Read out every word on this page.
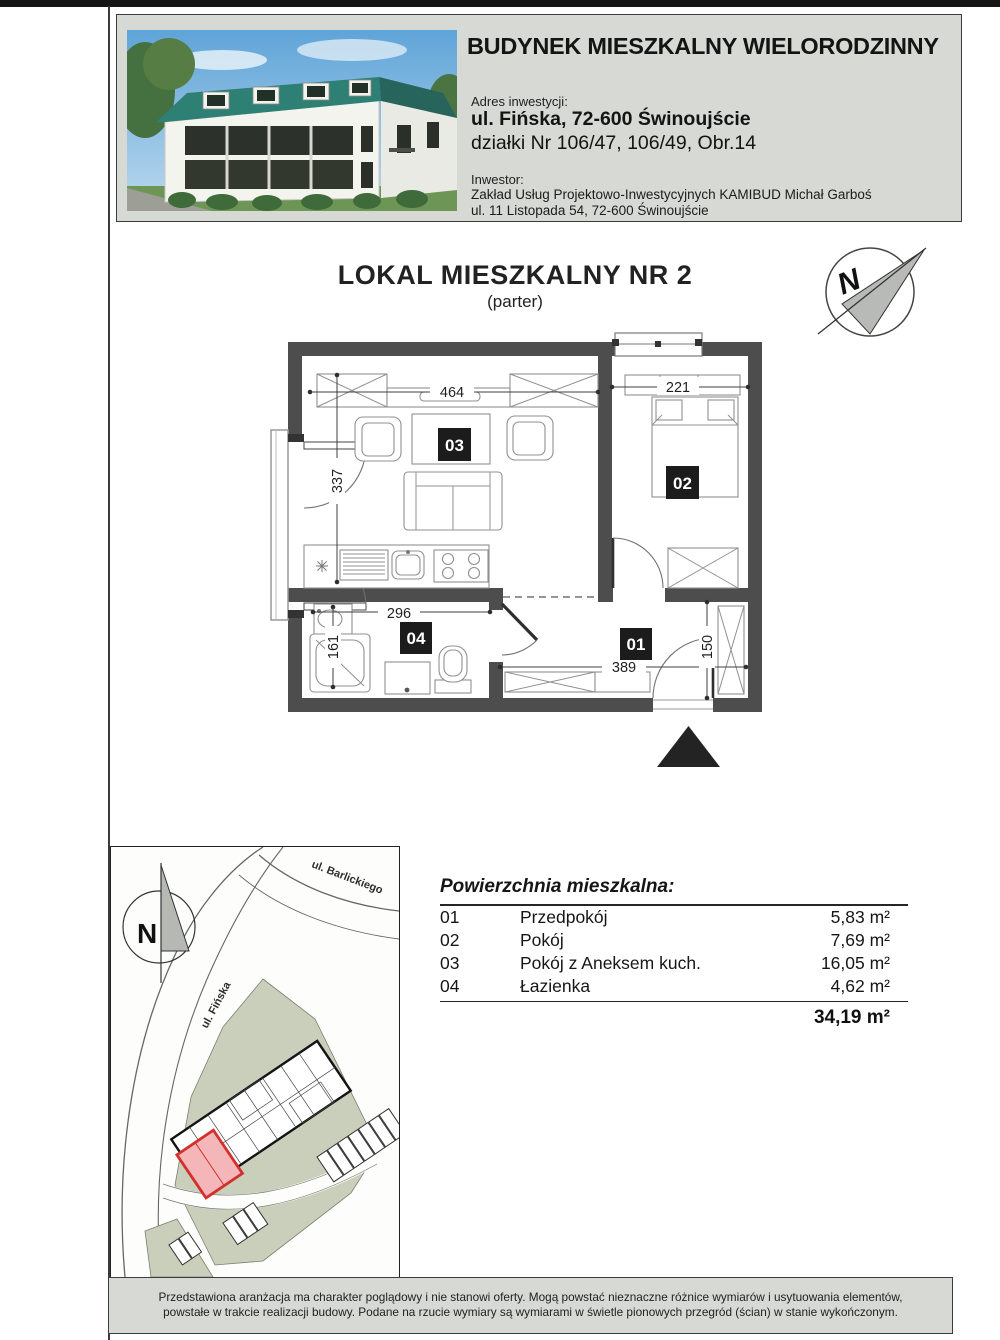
BUDYNEK MIESZKALNY WIELORODZINNY
Adres inwestycji:
ul. Fińska, 72-600 Świnoujście
działki Nr 106/47, 106/49, Obr.14
Inwestor:
Zakład Usług Projektowo-Inwestycyjnych KAMIBUD Michał Garboś
ul. 11 Listopada 54, 72-600 Świnoujście
LOKAL MIESZKALNY NR 2
(parter)	N
464
337
221
296
161
389
150
03
02
04	01
Powierzchnia mieszkalna:
01	Przedpokój	5,83 m²
02	Pokój	7,69 m²
03	Pokój z Aneksem kuch.	16,05 m²
04	Łazienka	4,62 m²
34,19 m²
N
ul. Barlickiego
ul. Fińska
Przedstawiona aranżacja ma charakter poglądowy i nie stanowi oferty. Mogą powstać nieznaczne różnice wymiarów i usytuowania elementów,
powstałe w trakcie realizacji budowy. Podane na rzucie wymiary są wymiarami w świetle pionowych przegród (ścian) w stanie wykończonym.
